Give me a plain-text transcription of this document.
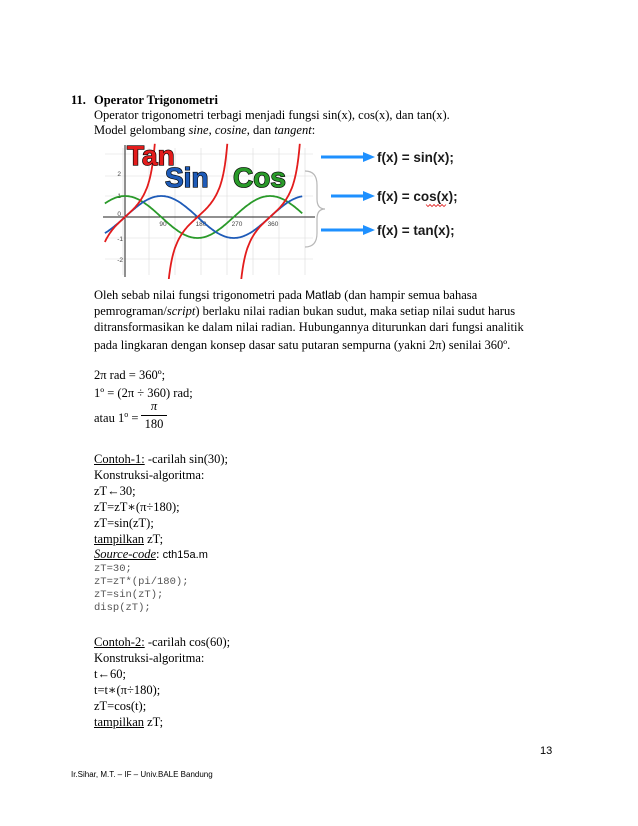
11. Operator Trigonometri
Operator trigonometri terbagi menjadi fungsi sin(x), cos(x), dan tan(x).
Model gelombang sine, cosine, dan tangent:
2
1
0
-1
-2
90	180	270	360
Tan
Sin Cos
f(x) = sin(x);
f(x) = cos(x);
f(x) = tan(x);
Oleh sebab nilai fungsi trigonometri pada Matlab (dan hampir semua bahasa
pemrograman/script) berlaku nilai radian bukan sudut, maka setiap nilai sudut harus
ditransformasikan ke dalam nilai radian. Hubungannya diturunkan dari fungsi analitik
pada lingkaran dengan konsep dasar satu putaran sempurna (yakni 2π) senilai 360º.
2π rad = 360º;
1º = (2π ÷ 360) rad;
atau $1^o$ =
π
180
Contoh-1: -carilah sin(30);
Konstruksi-algoritma:
zT←30;
zT=zT∗(π÷180);
zT=sin(zT);
tampilkan zT;
Source-code: cth15a.m
zT=30;
zT=zT*(pi/180);
zT=sin(zT);
disp(zT);
Contoh-2: -carilah cos(60);
Konstruksi-algoritma:
t←60;
t=t∗(π÷180);
zT=cos(t);
tampilkan zT;
13
Ir.Sihar, M.T. – IF – Univ.BALE Bandung
